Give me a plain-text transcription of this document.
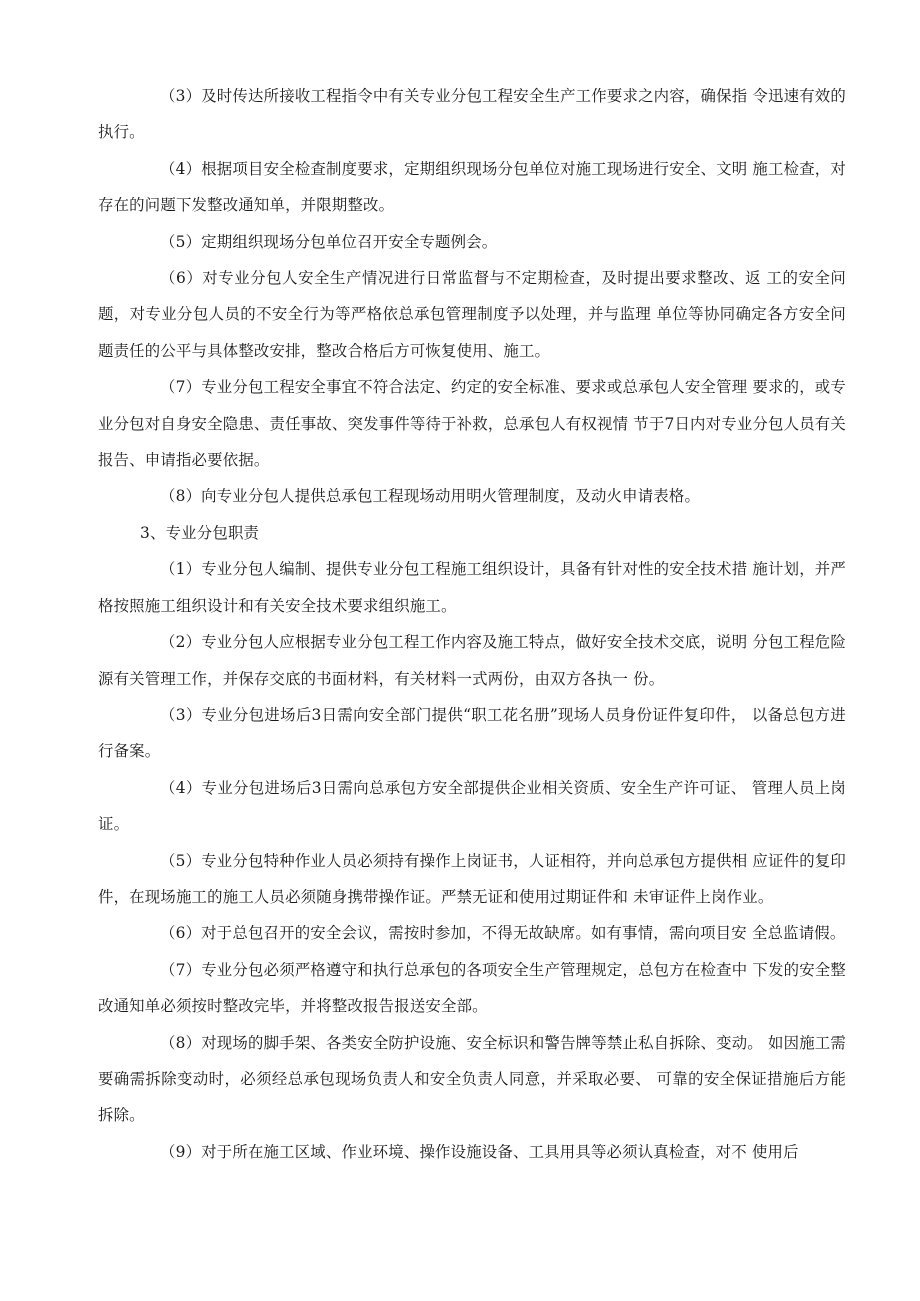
（3）及时传达所接收工程指令中有关专业分包工程安全生产工作要求之内容，确保指 令迅速有效的执行。

（4）根据项目安全检查制度要求，定期组织现场分包单位对施工现场进行安全、文明 施工检查，对存在的问题下发整改通知单，并限期整改。

（5）定期组织现场分包单位召开安全专题例会。

（6）对专业分包人安全生产情况进行日常监督与不定期检查，及时提出要求整改、返 工的安全问题，对专业分包人员的不安全行为等严格依总承包管理制度予以处理，并与监理 单位等协同确定各方安全问题责任的公平与具体整改安排，整改合格后方可恢复使用、施工。

（7）专业分包工程安全事宜不符合法定、约定的安全标准、要求或总承包人安全管理 要求的，或专业分包对自身安全隐患、责任事故、突发事件等待于补救，总承包人有权视情 节于7日内对专业分包人员有关报告、申请指必要依据。

（8）向专业分包人提供总承包工程现场动用明火管理制度，及动火申请表格。

3、专业分包职责

（1）专业分包人编制、提供专业分包工程施工组织设计，具备有针对性的安全技术措 施计划，并严格按照施工组织设计和有关安全技术要求组织施工。

（2）专业分包人应根据专业分包工程工作内容及施工特点，做好安全技术交底，说明 分包工程危险源有关管理工作，并保存交底的书面材料，有关材料一式两份，由双方各执一 份。

（3）专业分包进场后3日需向安全部门提供“职工花名册”现场人员身份证件复印件， 以备总包方进行备案。

（4）专业分包进场后3日需向总承包方安全部提供企业相关资质、安全生产许可证、 管理人员上岗证。

（5）专业分包特种作业人员必须持有操作上岗证书，人证相符，并向总承包方提供相 应证件的复印件，在现场施工的施工人员必须随身携带操作证。严禁无证和使用过期证件和 未审证件上岗作业。

（6）对于总包召开的安全会议，需按时参加，不得无故缺席。如有事情，需向项目安 全总监请假。

（7）专业分包必须严格遵守和执行总承包的各项安全生产管理规定，总包方在检查中 下发的安全整改通知单必须按时整改完毕，并将整改报告报送安全部。

（8）对现场的脚手架、各类安全防护设施、安全标识和警告牌等禁止私自拆除、变动。 如因施工需要确需拆除变动时，必须经总承包现场负责人和安全负责人同意，并采取必要、 可靠的安全保证措施后方能拆除。

（9）对于所在施工区域、作业环境、操作设施设备、工具用具等必须认真检查，对不 使用后
